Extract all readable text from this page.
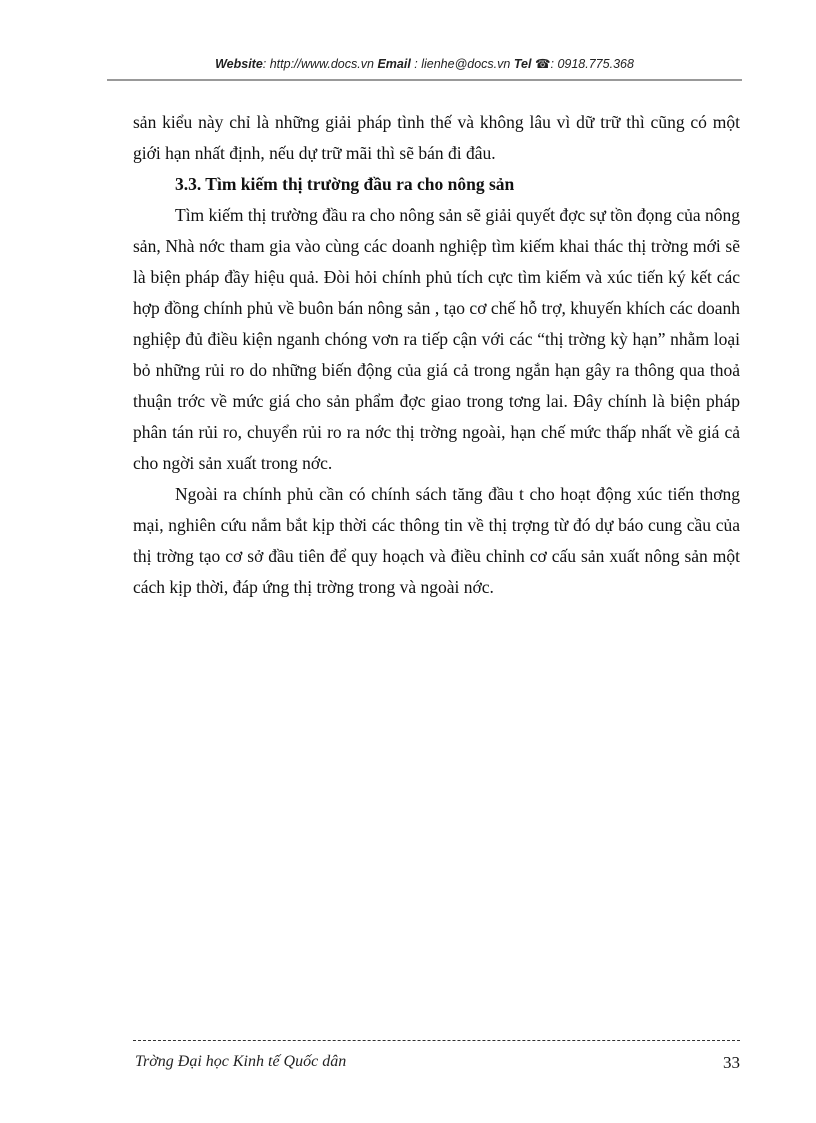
Website: http://www.docs.vn Email : lienhe@docs.vn Tel ☎: 0918.775.368

sản kiểu này chỉ là những giải pháp tình thế và không lâu vì dữ trữ thì cũng có một giới hạn nhất định, nếu dự trữ mãi thì sẽ bán đi đâu.

3.3. Tìm kiếm thị trường đầu ra cho nông sản

Tìm kiếm thị trường đầu ra cho nông sản sẽ giải quyết đợc sự tồn đọng của nông sản, Nhà nớc tham gia vào cùng các doanh nghiệp tìm kiếm khai thác thị trờng mới sẽ là biện pháp đầy hiệu quả. Đòi hỏi chính phủ tích cực tìm kiếm và xúc tiến ký kết các hợp đồng chính phủ về buôn bán nông sản , tạo cơ chế hỗ trợ, khuyến khích các doanh nghiệp đủ điều kiện nganh chóng vơn ra tiếp cận với các “thị trờng kỳ hạn” nhằm loại bỏ những rủi ro do những biến động của giá cả trong ngắn hạn gây ra thông qua thoả thuận trớc về mức giá cho sản phẩm đợc giao trong tơng lai. Đây chính là biện pháp phân tán rủi ro, chuyển rủi ro ra nớc thị trờng ngoài, hạn chế mức thấp nhất về giá cả cho ngời sản xuất trong nớc.

Ngoài ra chính phủ cần có chính sách tăng đầu t cho hoạt động xúc tiến thơng mại, nghiên cứu nắm bắt kịp thời các thông tin về thị trợng từ đó dự báo cung cầu của thị trờng tạo cơ sở đầu tiên để quy hoạch và điều chỉnh cơ cấu sản xuất nông sản một cách kịp thời, đáp ứng thị trờng trong và ngoài nớc.

Trờng Đại học Kinh tế Quốc dân	33
